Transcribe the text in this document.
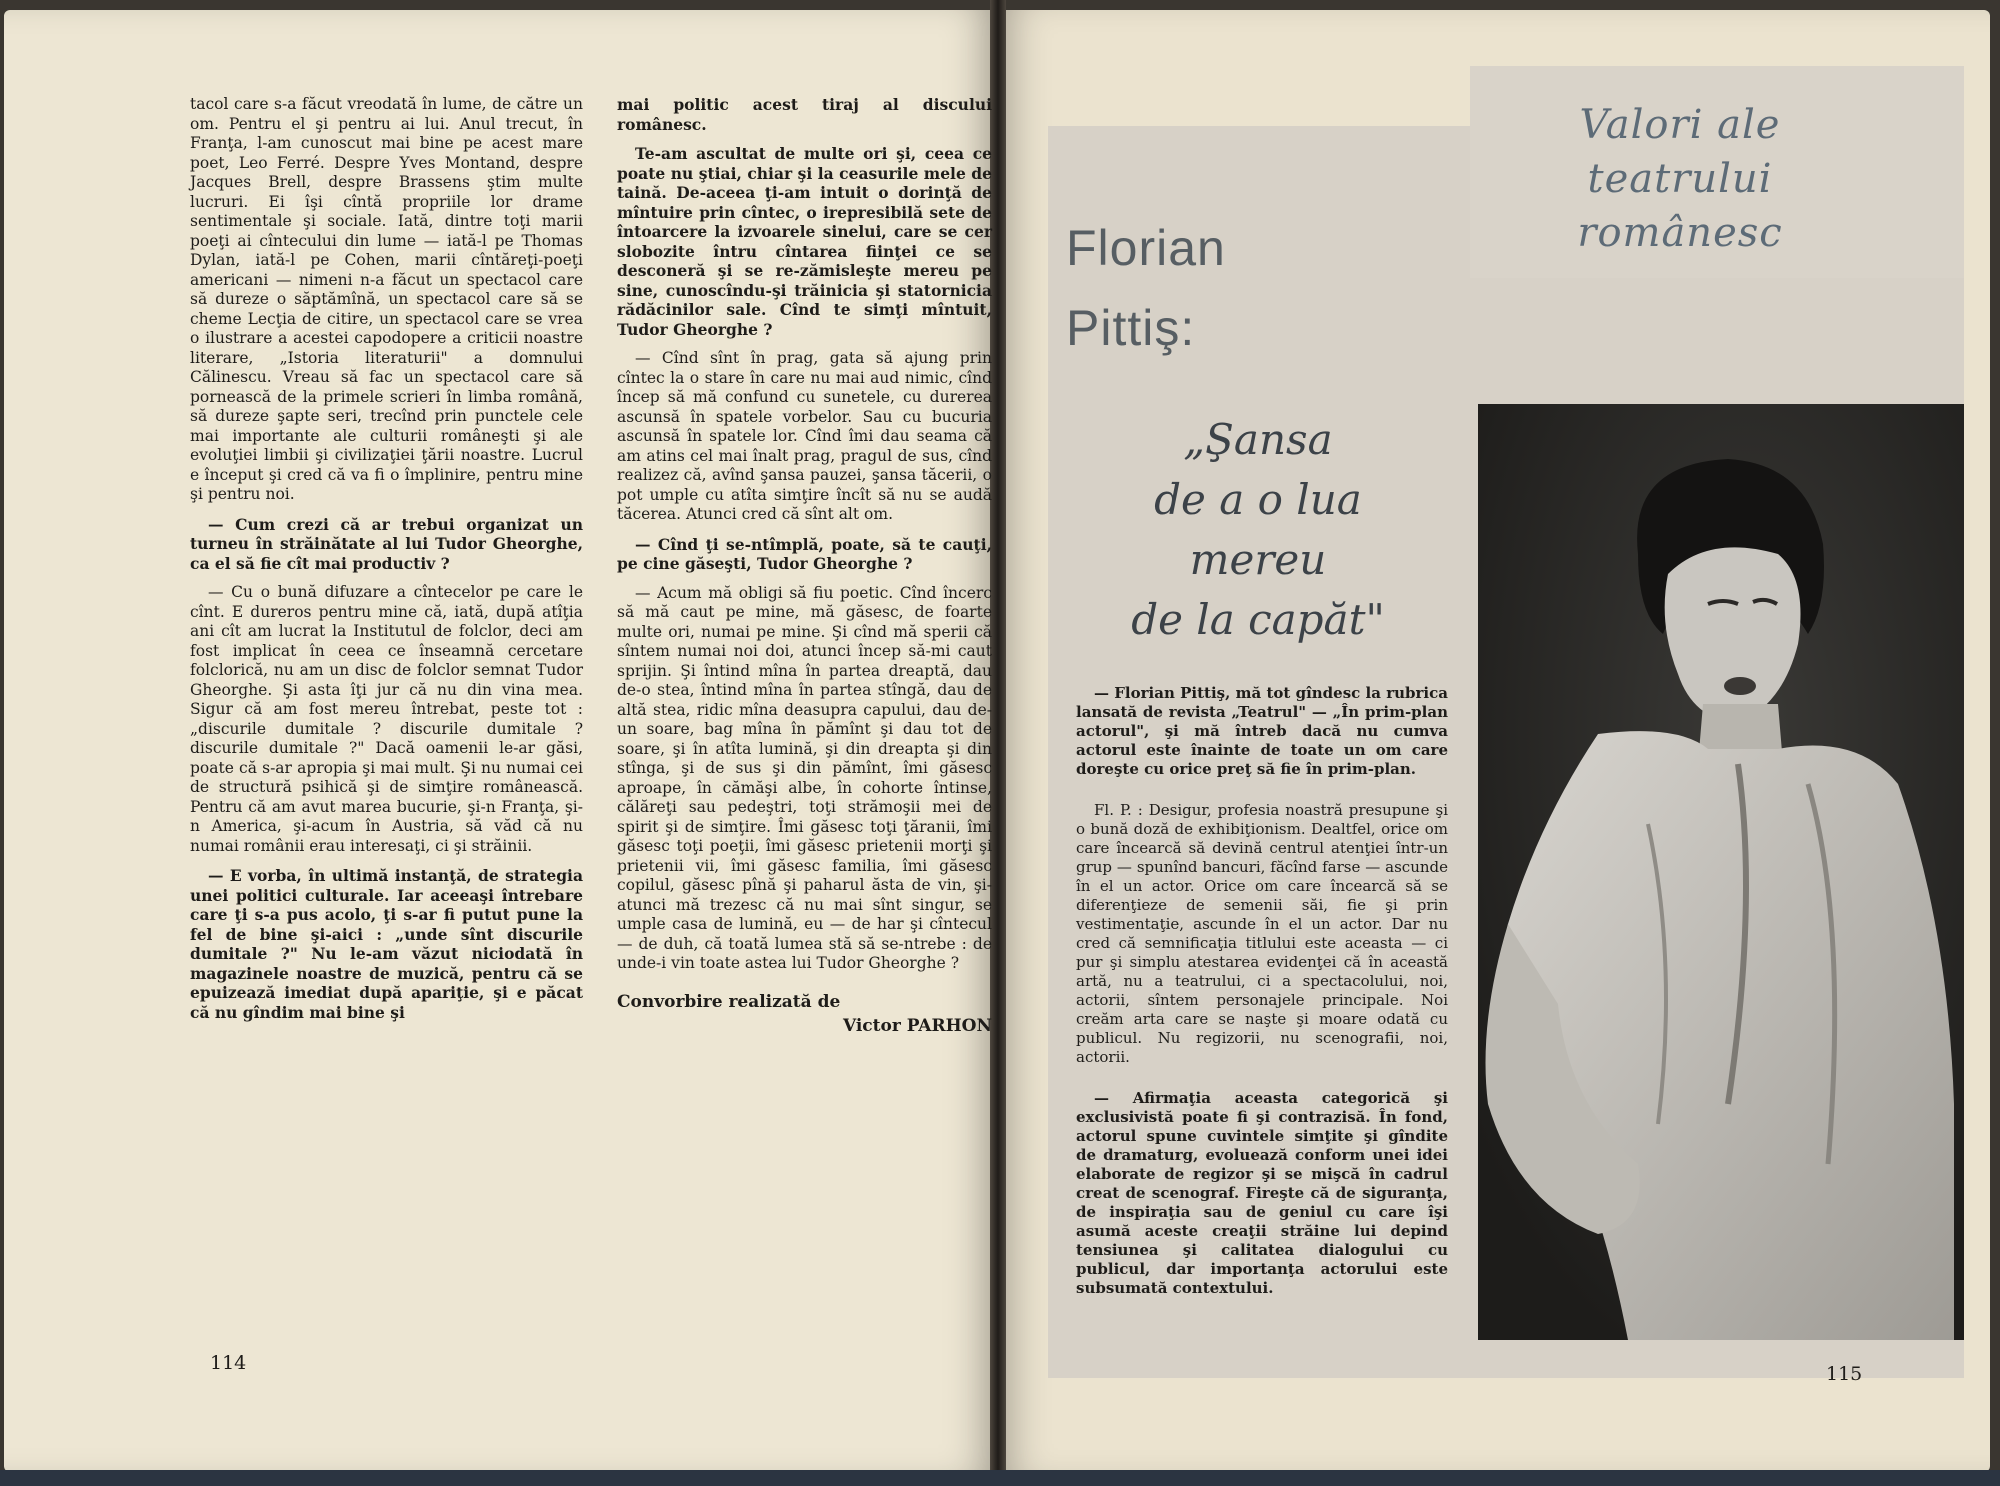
tacol care s-a făcut vreodată în lume, de către un om. Pentru el şi pentru ai lui. Anul trecut, în Franţa, l-am cunoscut mai bine pe acest mare poet, Leo Ferré. Despre Yves Montand, despre Jacques Brell, despre Brassens ştim multe lucruri. Ei îşi cîntă propriile lor drame sentimentale şi sociale. Iată, dintre toţi marii poeţi ai cîntecului din lume — iată-l pe Thomas Dylan, iată-l pe Cohen, marii cîntăreţi-poeţi americani — nimeni n-a făcut un spectacol care să dureze o săptămînă, un spectacol care să se cheme Lecţia de citire, un spectacol care se vrea o ilustrare a acestei capodopere a criticii noastre literare, „Istoria literaturii" a domnului Călinescu. Vreau să fac un spectacol care să pornească de la primele scrieri în limba română, să dureze şapte seri, trecînd prin punctele cele mai importante ale culturii româneşti şi ale evoluţiei limbii şi civilizaţiei ţării noastre. Lucrul e început şi cred că va fi o împlinire, pentru mine şi pentru noi.

— Cum crezi că ar trebui organizat un turneu în străinătate al lui Tudor Gheorghe, ca el să fie cît mai productiv ?

— Cu o bună difuzare a cîntecelor pe care le cînt. E dureros pentru mine că, iată, după atîţia ani cît am lucrat la Institutul de folclor, deci am fost implicat în ceea ce înseamnă cercetare folclorică, nu am un disc de folclor semnat Tudor Gheorghe. Şi asta îţi jur că nu din vina mea. Sigur că am fost mereu întrebat, peste tot : „discurile dumitale ? discurile dumitale ? discurile dumitale ?" Dacă oamenii le-ar găsi, poate că s-ar apropia şi mai mult. Şi nu numai cei de structură psihică şi de simţire românească. Pentru că am avut marea bucurie, şi-n Franţa, şi-n America, şi-acum în Austria, să văd că nu numai românii erau interesaţi, ci şi străinii.

— E vorba, în ultimă instanţă, de strategia unei politici culturale. Iar aceeaşi întrebare care ţi s-a pus acolo, ţi s-ar fi putut pune la fel de bine şi-aici : „unde sînt discurile dumitale ?" Nu le-am văzut niciodată în magazinele noastre de muzică, pentru că se epuizează imediat după apariţie, şi e păcat că nu gîndim mai bine şi

mai politic acest tiraj al discului românesc.

Te-am ascultat de multe ori şi, ceea ce poate nu ştiai, chiar şi la ceasurile mele de taină. De-aceea ţi-am intuit o dorinţă de mîntuire prin cîntec, o irepresibilă sete de întoarcere la izvoarele sinelui, care se cer slobozite întru cîntarea fiinţei ce se desconeră şi se re-zămisleşte mereu pe sine, cunoscîndu-şi trăinicia şi statornicia rădăcinilor sale. Cînd te simţi mîntuit, Tudor Gheorghe ?

— Cînd sînt în prag, gata să ajung prin cîntec la o stare în care nu mai aud nimic, cînd încep să mă confund cu sunetele, cu durerea ascunsă în spatele vorbelor. Sau cu bucuria ascunsă în spatele lor. Cînd îmi dau seama că am atins cel mai înalt prag, pragul de sus, cînd realizez că, avînd şansa pauzei, şansa tăcerii, o pot umple cu atîta simţire încît să nu se audă tăcerea. Atunci cred că sînt alt om.

— Cînd ţi se-ntîmplă, poate, să te cauţi, pe cine găseşti, Tudor Gheorghe ?

— Acum mă obligi să fiu poetic. Cînd încerc să mă caut pe mine, mă găsesc, de foarte multe ori, numai pe mine. Şi cînd mă sperii că sîntem numai noi doi, atunci încep să-mi caut sprijin. Şi întind mîna în partea dreaptă, dau de-o stea, întind mîna în partea stîngă, dau de altă stea, ridic mîna deasupra capului, dau de-un soare, bag mîna în pămînt şi dau tot de soare, şi în atîta lumină, şi din dreapta şi din stînga, şi de sus şi din pămînt, îmi găsesc aproape, în cămăşi albe, în cohorte întinse, călăreţi sau pedeştri, toţi strămoşii mei de spirit şi de simţire. Îmi găsesc toţi ţăranii, îmi găsesc toţi poeţii, îmi găsesc prietenii morţi şi prietenii vii, îmi găsesc familia, îmi găsesc copilul, găsesc pînă şi paharul ăsta de vin, şi-atunci mă trezesc că nu mai sînt singur, se umple casa de lumină, eu — de har şi cîntecul — de duh, că toată lumea stă să se-ntrebe : de unde-i vin toate astea lui Tudor Gheorghe ?

Convorbire realizată de
Victor PARHON
114
Valori ale
teatrului
românesc
Florian
Pittiş:
„Şansa
de a o lua
mereu
de la capăt"

— Florian Pittiş, mă tot gîndesc la rubrica lansată de revista „Teatrul" — „În prim-plan actorul", şi mă întreb dacă nu cumva actorul este înainte de toate un om care doreşte cu orice preţ să fie în prim-plan.

Fl. P. : Desigur, profesia noastră presupune şi o bună doză de exhibiţionism. Dealtfel, orice om care încearcă să devină centrul atenţiei într-un grup — spunînd bancuri, făcînd farse — ascunde în el un actor. Orice om care încearcă să se diferenţieze de semenii săi, fie şi prin vestimentaţie, ascunde în el un actor. Dar nu cred că semnificaţia titlului este aceasta — ci pur şi simplu atestarea evidenţei că în această artă, nu a teatrului, ci a spectacolului, noi, actorii, sîntem personajele principale. Noi creăm arta care se naşte şi moare odată cu publicul. Nu regizorii, nu scenografii, noi, actorii.

— Afirmaţia aceasta categorică şi exclusivistă poate fi şi contrazisă. În fond, actorul spune cuvintele simţite şi gîndite de dramaturg, evoluează conform unei idei elaborate de regizor şi se mişcă în cadrul creat de scenograf. Fireşte că de siguranţa, de inspiraţia sau de geniul cu care îşi asumă aceste creaţii străine lui depind tensiunea şi calitatea dialogului cu publicul, dar importanţa actorului este subsumată contextului.

115
